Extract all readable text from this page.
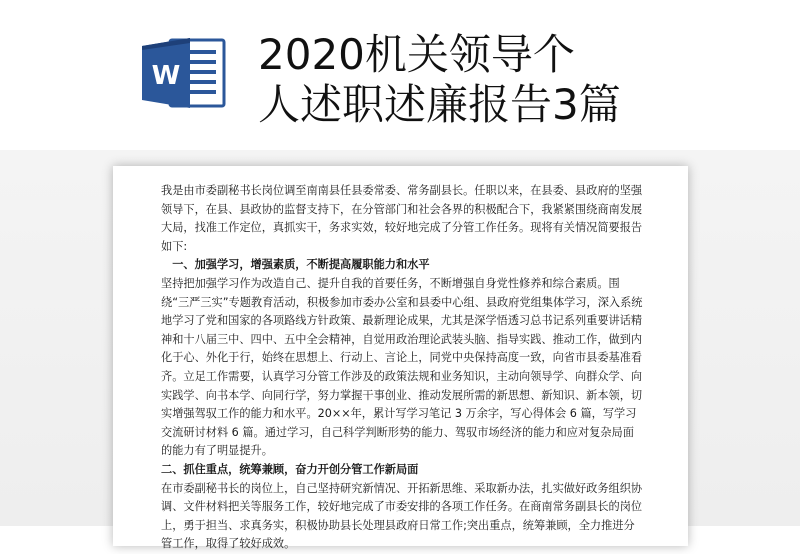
W 2020机关领导个
人述职述廉报告3篇

我是由市委副秘书长岗位调至南南县任县委常委、常务副县长。任职以来，在县委、县政府的坚强领导下，在县、县政协的监督支持下，在分管部门和社会各界的积极配合下，我紧紧围绕商南发展大局，找准工作定位，真抓实干，务求实效，较好地完成了分管工作任务。现将有关情况简要报告如下:

一、加强学习，增强素质，不断提高履职能力和水平

坚持把加强学习作为改造自己、提升自我的首要任务，不断增强自身党性修养和综合素质。围绕“三严三实”专题教育活动，积极参加市委办公室和县委中心组、县政府党组集体学习，深入系统地学习了党和国家的各项路线方针政策、最新理论成果，尤其是深学悟透习总书记系列重要讲话精神和十八届三中、四中、五中全会精神，自觉用政治理论武装头脑、指导实践、推动工作，做到内化于心、外化于行，始终在思想上、行动上、言论上，同党中央保持高度一致，向省市县委基准看齐。立足工作需要，认真学习分管工作涉及的政策法规和业务知识，主动向领导学、向群众学、向实践学、向书本学、向同行学，努力掌握干事创业、推动发展所需的新思想、新知识、新本领，切实增强驾驭工作的能力和水平。20××年，累计写学习笔记 3 万余字，写心得体会 6 篇，写学习交流研讨材料 6 篇。通过学习，自己科学判断形势的能力、驾驭市场经济的能力和应对复杂局面的能力有了明显提升。

二、抓住重点，统筹兼顾，奋力开创分管工作新局面

在市委副秘书长的岗位上，自己坚持研究新情况、开拓新思维、采取新办法，扎实做好政务组织协调、文件材料把关等服务工作，较好地完成了市委安排的各项工作任务。在商南常务副县长的岗位上，勇于担当、求真务实，积极协助县长处理县政府日常工作;突出重点，统筹兼顾，全力推进分管工作，取得了较好成效。
